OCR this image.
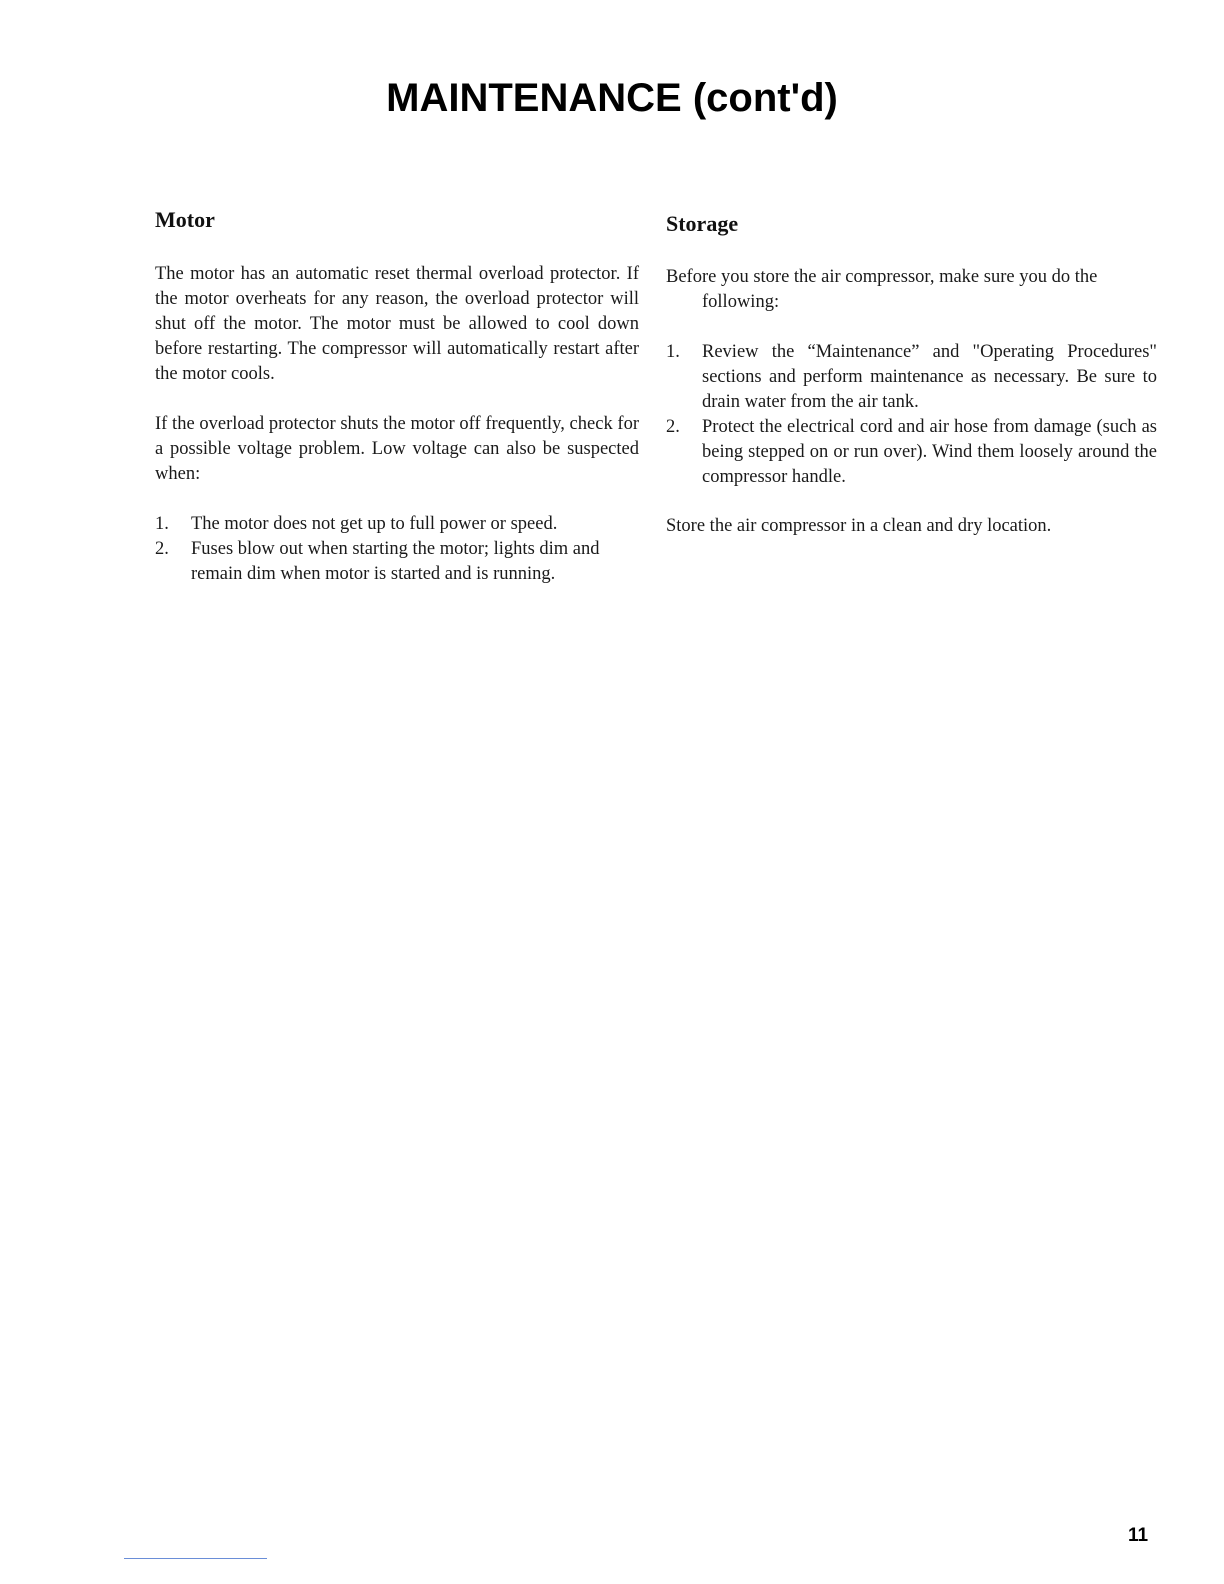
MAINTENANCE (cont'd)
Motor

The motor has an automatic reset thermal overload protector. If the motor overheats for any reason, the overload protector will shut off the motor. The motor must be allowed to cool down before restarting. The compressor will automatically restart after the motor cools.

If the overload protector shuts the motor off frequently, check for a possible voltage problem. Low voltage can also be suspected when:

1. The motor does not get up to full power or speed.
2. Fuses blow out when starting the motor; lights dim and remain dim when motor is started and is running.
Storage

Before you store the air compressor, make sure you do the following:

1. Review the “Maintenance” and "Operating Procedures" sections and perform maintenance as necessary. Be sure to drain water from the air tank.
2. Protect the electrical cord and air hose from damage (such as being stepped on or run over). Wind them loosely around the compressor handle.

Store the air compressor in a clean and dry location.

11
